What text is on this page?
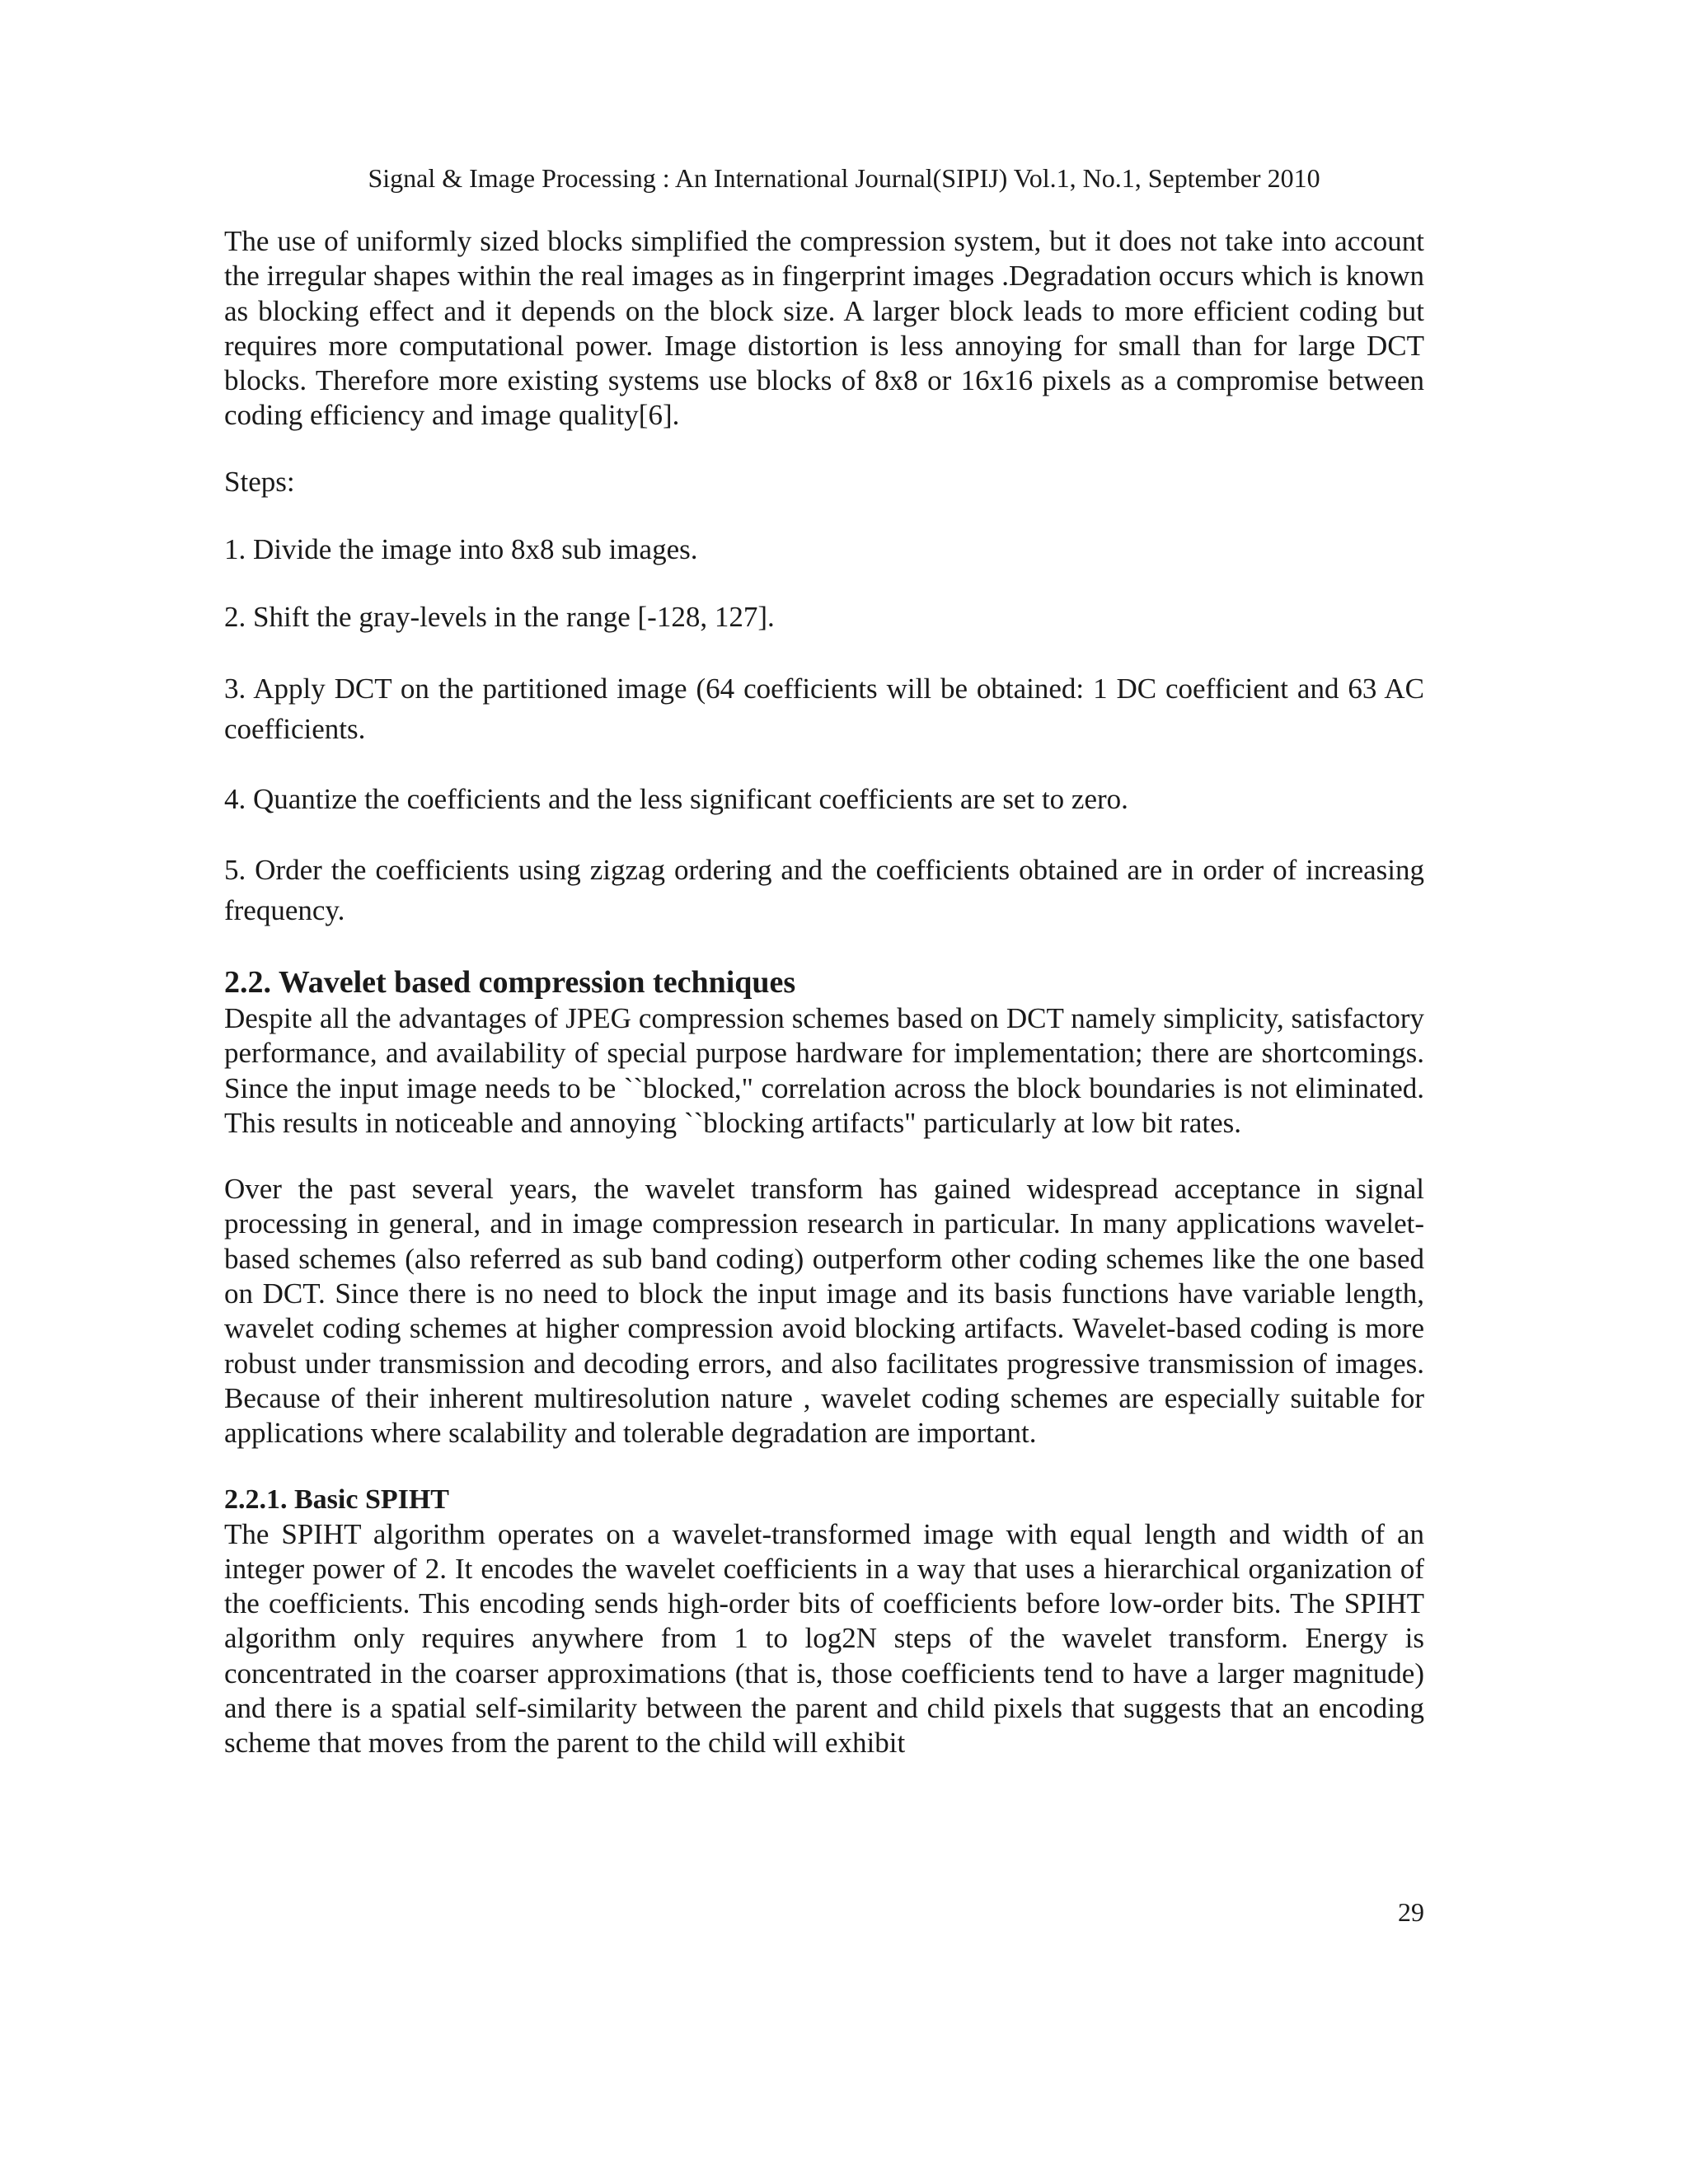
Signal & Image Processing : An International Journal(SIPIJ) Vol.1, No.1, September 2010

The use of uniformly sized blocks simplified the compression system, but it does not take into account the irregular shapes within the real images as in fingerprint images .Degradation occurs which is known as blocking effect and it depends on the block size. A larger block leads to more efficient coding but requires more computational power. Image distortion is less annoying for small than for large DCT blocks. Therefore more existing systems use blocks of 8x8 or 16x16 pixels as a compromise between coding efficiency and image quality[6].

Steps:

1. Divide the image into 8x8 sub images.

2. Shift the gray-levels in the range [-128, 127].

3. Apply DCT on the partitioned image (64 coefficients will be obtained: 1 DC coefficient and 63 AC coefficients.

4. Quantize the coefficients and the less significant coefficients are set to zero.

5. Order the coefficients using zigzag ordering and the coefficients obtained are in order of increasing frequency.

2.2. Wavelet based compression techniques

Despite all the advantages of JPEG compression schemes based on DCT namely simplicity, satisfactory performance, and availability of special purpose hardware for implementation; there are shortcomings. Since the input image needs to be ``blocked," correlation across the block boundaries is not eliminated. This results in noticeable and annoying ``blocking artifacts" particularly at low bit rates.

Over the past several years, the wavelet transform has gained widespread acceptance in signal processing in general, and in image compression research in particular. In many applications wavelet-based schemes (also referred as sub band coding) outperform other coding schemes like the one based on DCT. Since there is no need to block the input image and its basis functions have variable length, wavelet coding schemes at higher compression avoid blocking artifacts. Wavelet-based coding is more robust under transmission and decoding errors, and also facilitates progressive transmission of images. Because of their inherent multiresolution nature , wavelet coding schemes are especially suitable for applications where scalability and tolerable degradation are important.

2.2.1. Basic SPIHT

The SPIHT algorithm operates on a wavelet-transformed image with equal length and width of an integer power of 2. It encodes the wavelet coefficients in a way that uses a hierarchical organization of the coefficients. This encoding sends high-order bits of coefficients before low-order bits. The SPIHT algorithm only requires anywhere from 1 to log2N steps of the wavelet transform. Energy is concentrated in the coarser approximations (that is, those coefficients tend to have a larger magnitude) and there is a spatial self-similarity between the parent and child pixels that suggests that an encoding scheme that moves from the parent to the child will exhibit

29
